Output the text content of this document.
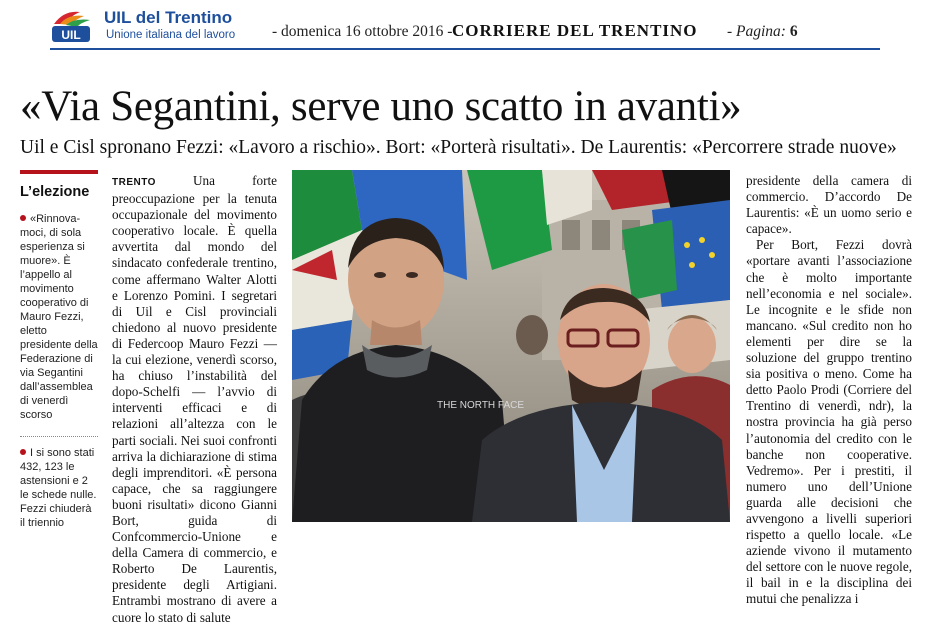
UIL
UIL del Trentino
Unione italiana del lavoro - domenica 16 ottobre 2016 - CORRIERE DEL TRENTINO - Pagina: 6
«Via Segantini, serve uno scatto in avanti»
Uil e Cisl spronano Fezzi: «Lavoro a rischio». Bort: «Porterà risultati». De Laurentis: «Percorrere strade nuove»
L’elezione
«Rinnova-moci, di sola esperienza si muore». È l’appello al movimento cooperativo di Mauro Fezzi, eletto presidente della Federazione di via Segantini dall’assemblea di venerdì scorso
I si sono stati 432, 123 le astensioni e 2 le schede nulle. Fezzi chiuderà il triennio
TRENTO	Una forte preoccupazione per la tenuta occupazionale del movimento cooperativo locale. È quella avvertita dal mondo del sindacato confederale trentino, come affermano Walter Alotti e Lorenzo Pomini. I segretari di Uil e Cisl provinciali chiedono al nuovo presidente di Federcoop Mauro Fezzi — la cui elezione, venerdì scorso, ha chiuso l’instabilità del dopo-Schelfi — l’avvio di interventi efficaci e di relazioni all’altezza con le parti sociali. Nei suoi confronti arriva la dichiarazione di stima degli imprenditori. «È persona capace, che sa raggiungere buoni risultati» dicono Gianni Bort, guida di Confcommercio-Unione e della Camera di commercio, e Roberto De Laurentis, presidente degli Artigiani. Entrambi mostrano di avere a cuore lo stato di salute
THE NORTH FACE

presidente della camera di commercio. D’accordo De Laurentis: «È un uomo serio e capace».

Per Bort, Fezzi dovrà «portare avanti l’associazione che è molto importante nell’economia e nel sociale». Le incognite e le sfide non mancano. «Sul credito non ho elementi per dire se la soluzione del gruppo trentino sia positiva o meno. Come ha detto Paolo Prodi (Corriere del Trentino di venerdì, ndr), la nostra provincia ha già perso l’autonomia del credito con le banche non cooperative. Vedremo». Per i prestiti, il numero uno dell’Unione guarda alle decisioni che avvengono a livelli superiori rispetto a quello locale. «Le aziende vivono il mutamento del settore con le nuove regole, il bail in e la disciplina dei mutui che penalizza i
